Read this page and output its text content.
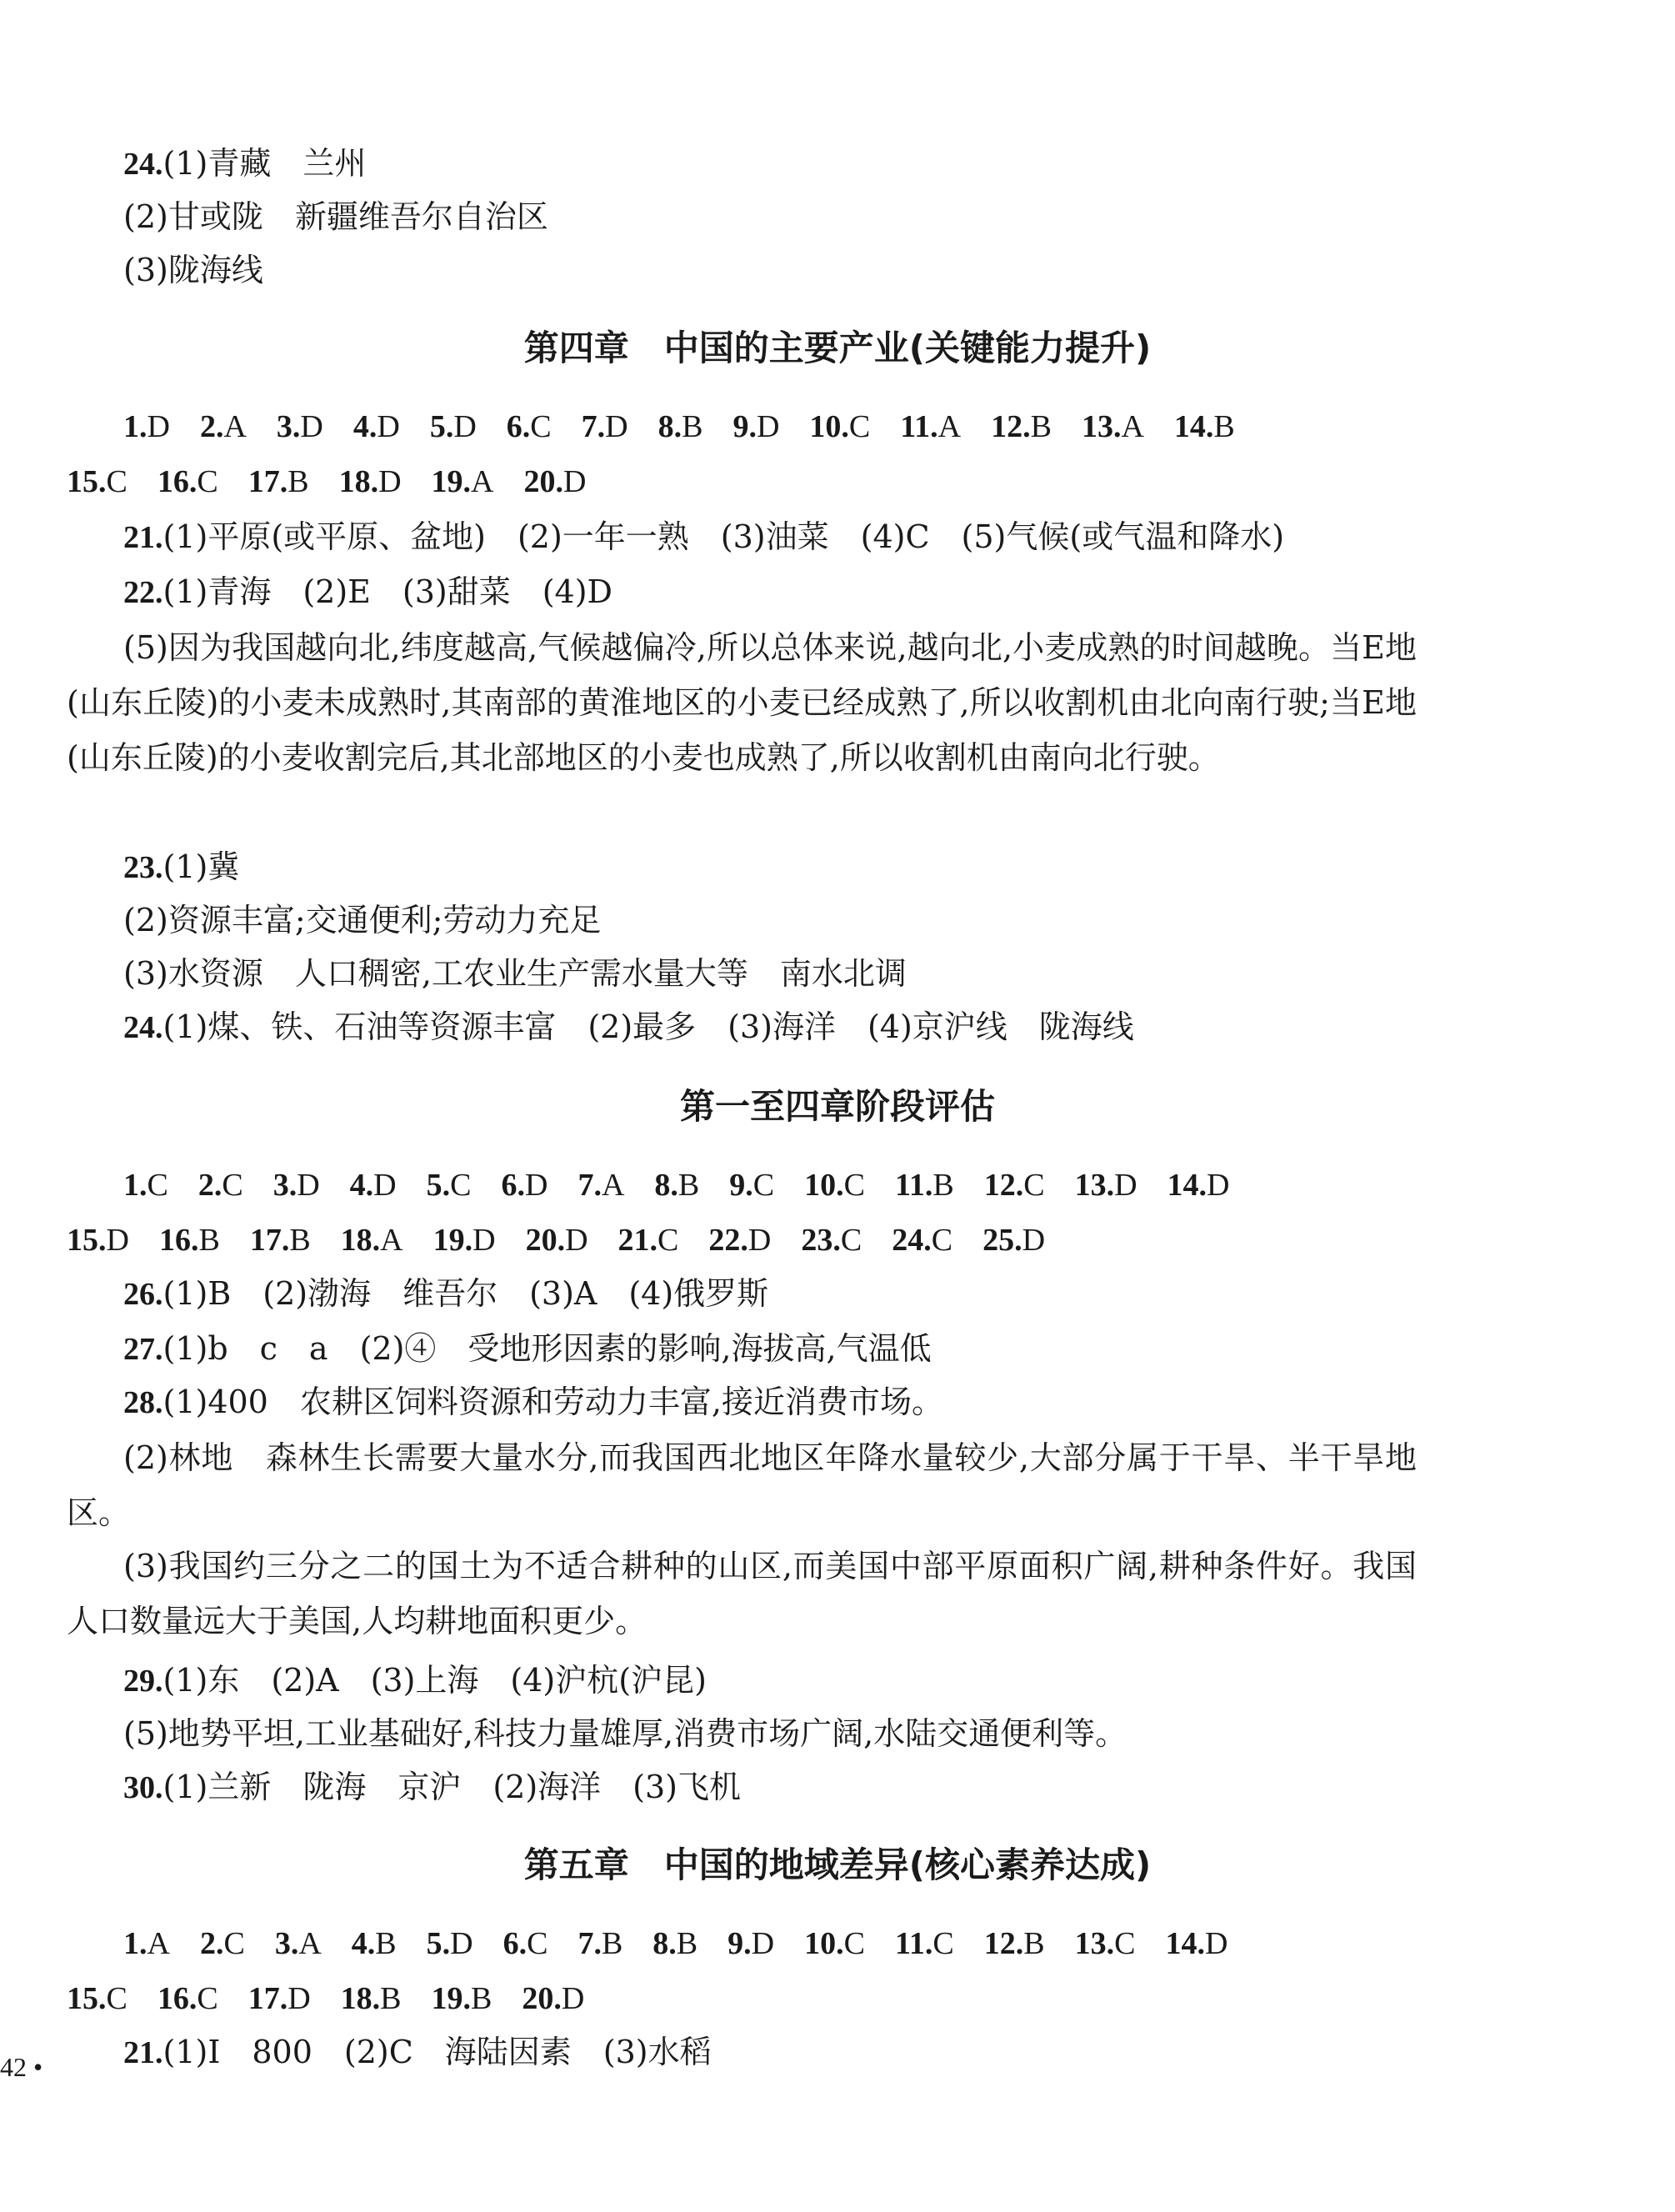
24.(1)青藏　兰州
(2)甘或陇　新疆维吾尔自治区
(3)陇海线
第四章　中国的主要产业(关键能力提升)
1.D 2.A 3.D 4.D 5.D 6.C 7.D 8.B 9.D 10.C 11.A 12.B 13.A 14.B
15.C 16.C 17.B 18.D 19.A 20.D
21.(1)平原(或平原、盆地)　(2)一年一熟　(3)油菜　(4)C　(5)气候(或气温和降水)
22.(1)青海　(2)E　(3)甜菜　(4)D
(5)因为我国越向北,纬度越高,气候越偏冷,所以总体来说,越向北,小麦成熟的时间越晚。当E地(山东丘陵)的小麦未成熟时,其南部的黄淮地区的小麦已经成熟了,所以收割机由北向南行驶;当E地(山东丘陵)的小麦收割完后,其北部地区的小麦也成熟了,所以收割机由南向北行驶。
23.(1)冀
(2)资源丰富;交通便利;劳动力充足
(3)水资源　人口稠密,工农业生产需水量大等　南水北调
24.(1)煤、铁、石油等资源丰富　(2)最多　(3)海洋　(4)京沪线　陇海线
第一至四章阶段评估
1.C 2.C 3.D 4.D 5.C 6.D 7.A 8.B 9.C 10.C 11.B 12.C 13.D 14.D
15.D 16.B 17.B 18.A 19.D 20.D 21.C 22.D 23.C 24.C 25.D
26.(1)B　(2)渤海　维吾尔　(3)A　(4)俄罗斯
27.(1)b　c　a　(2)④　受地形因素的影响,海拔高,气温低
28.(1)400　农耕区饲料资源和劳动力丰富,接近消费市场。
(2)林地　森林生长需要大量水分,而我国西北地区年降水量较少,大部分属于干旱、半干旱地区。
(3)我国约三分之二的国土为不适合耕种的山区,而美国中部平原面积广阔,耕种条件好。我国人口数量远大于美国,人均耕地面积更少。
29.(1)东　(2)A　(3)上海　(4)沪杭(沪昆)
(5)地势平坦,工业基础好,科技力量雄厚,消费市场广阔,水陆交通便利等。
30.(1)兰新　陇海　京沪　(2)海洋　(3)飞机
第五章　中国的地域差异(核心素养达成)
1.A 2.C 3.A 4.B 5.D 6.C 7.B 8.B 9.D 10.C 11.C 12.B 13.C 14.D
15.C 16.C 17.D 18.B 19.B 20.D
21.(1)Ⅰ　800　(2)C　海陆因素　(3)水稻
42 •
